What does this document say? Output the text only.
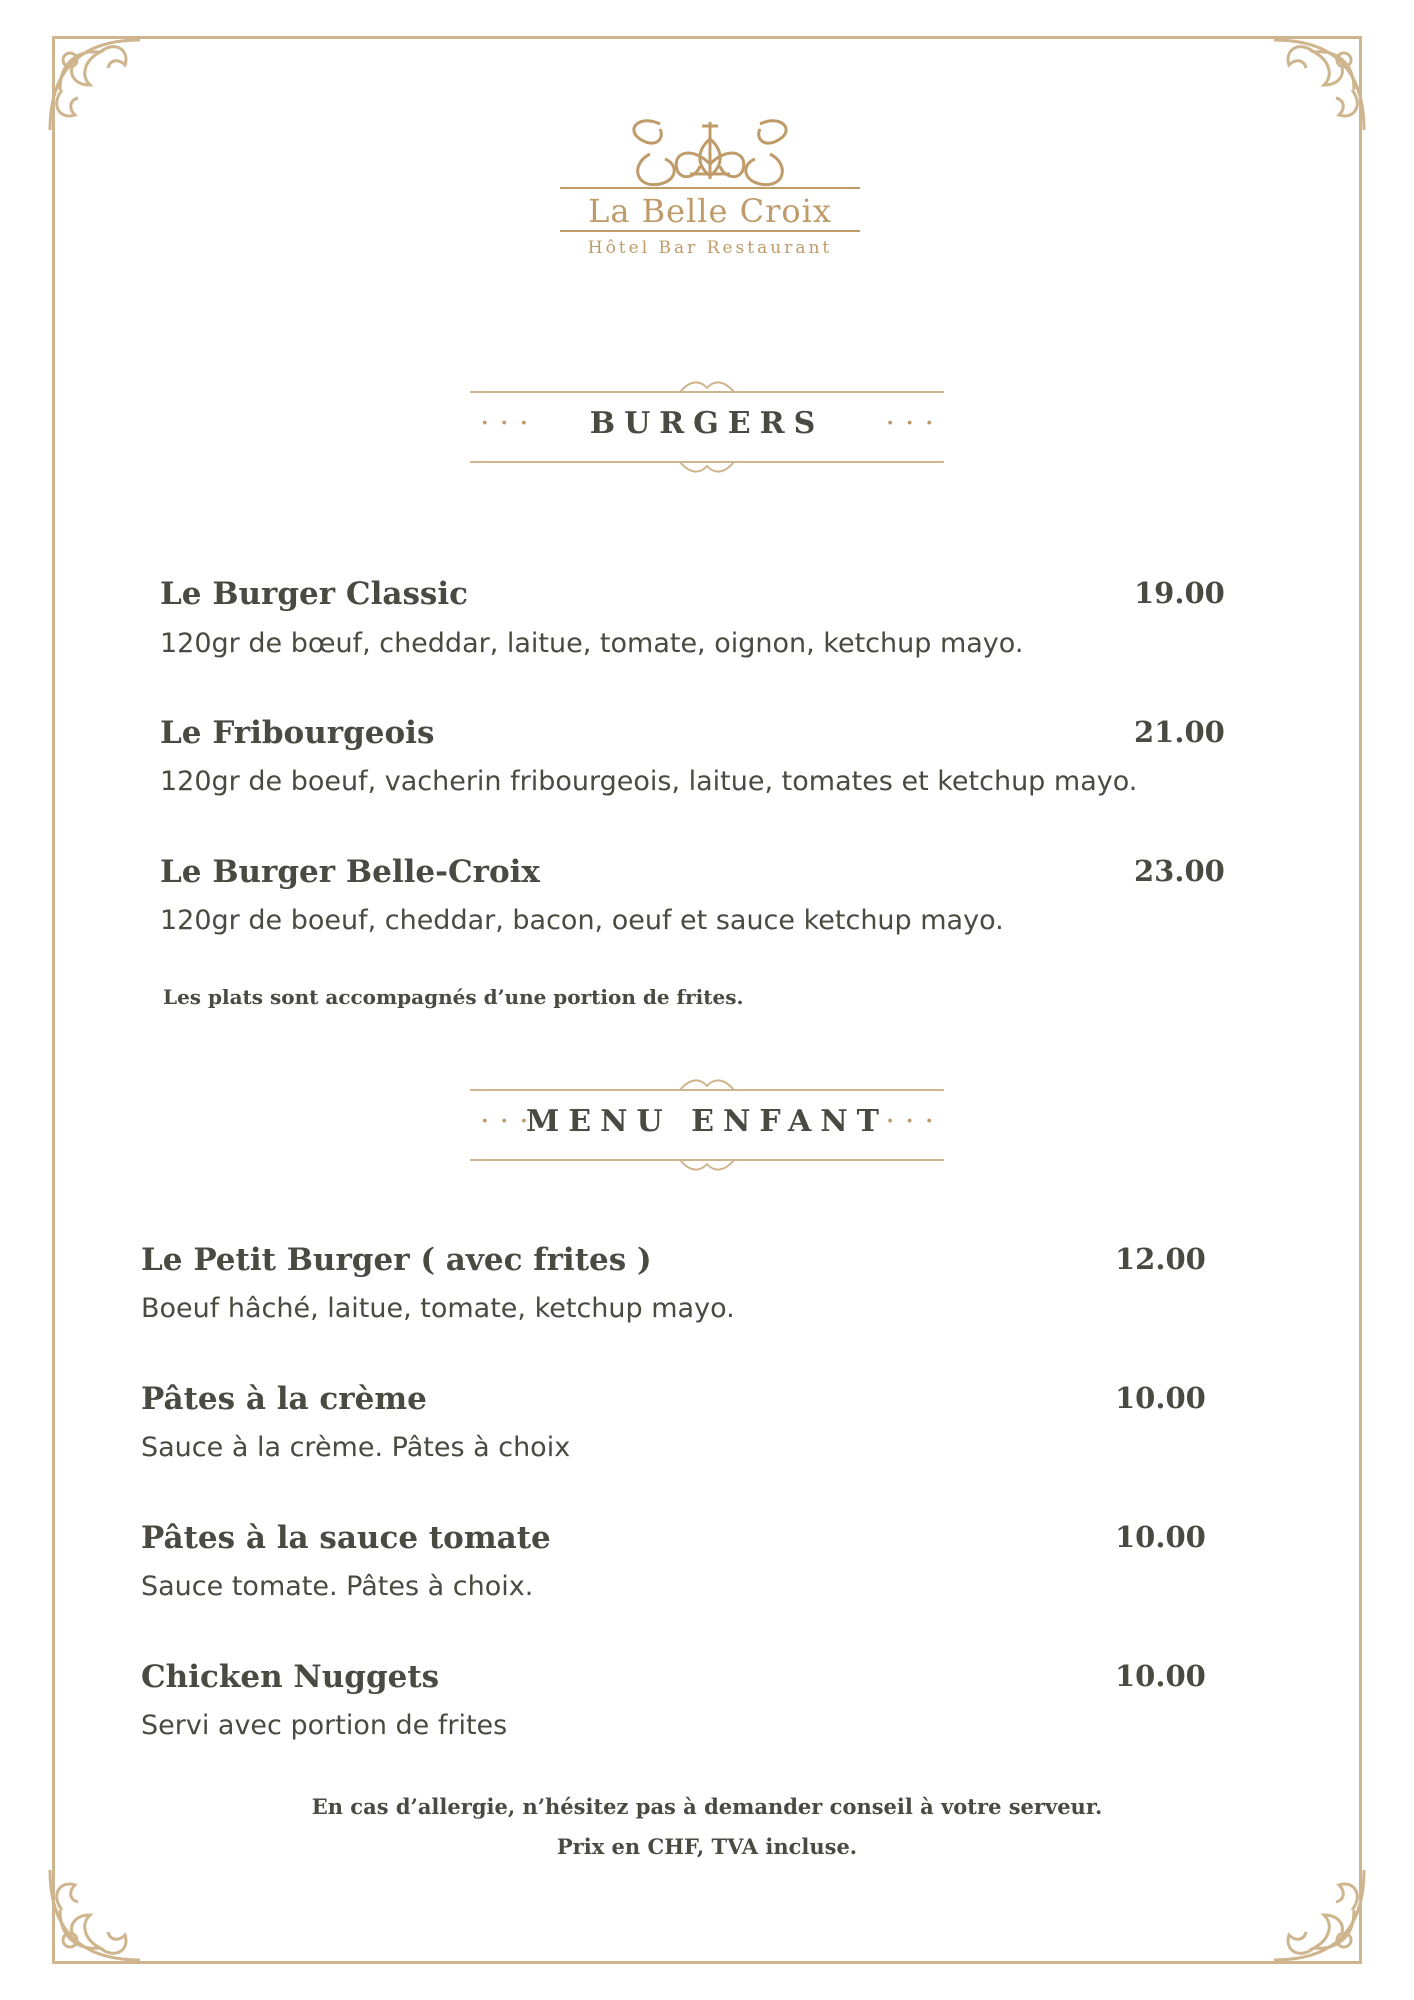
La Belle Croix
Hôtel Bar Restaurant
···	BURGERS	···
Le Burger Classic	19.00
120gr de bœuf, cheddar, laitue, tomate, oignon, ketchup mayo.
Le Fribourgeois	21.00
120gr de boeuf, vacherin fribourgeois, laitue, tomates et ketchup mayo.
Le Burger Belle-Croix	23.00
120gr de boeuf, cheddar, bacon, oeuf et sauce ketchup mayo.
Les plats sont accompagnés d’une portion de frites.
···
MENU ENFANT
···
Le Petit Burger ( avec frites )	12.00
Boeuf hâché, laitue, tomate, ketchup mayo.
Pâtes à la crème	10.00
Sauce à la crème. Pâtes à choix
Pâtes à la sauce tomate	10.00
Sauce tomate. Pâtes à choix.
Chicken Nuggets	10.00
Servi avec portion de frites
En cas d’allergie, n’hésitez pas à demander conseil à votre serveur.
Prix en CHF, TVA incluse.
